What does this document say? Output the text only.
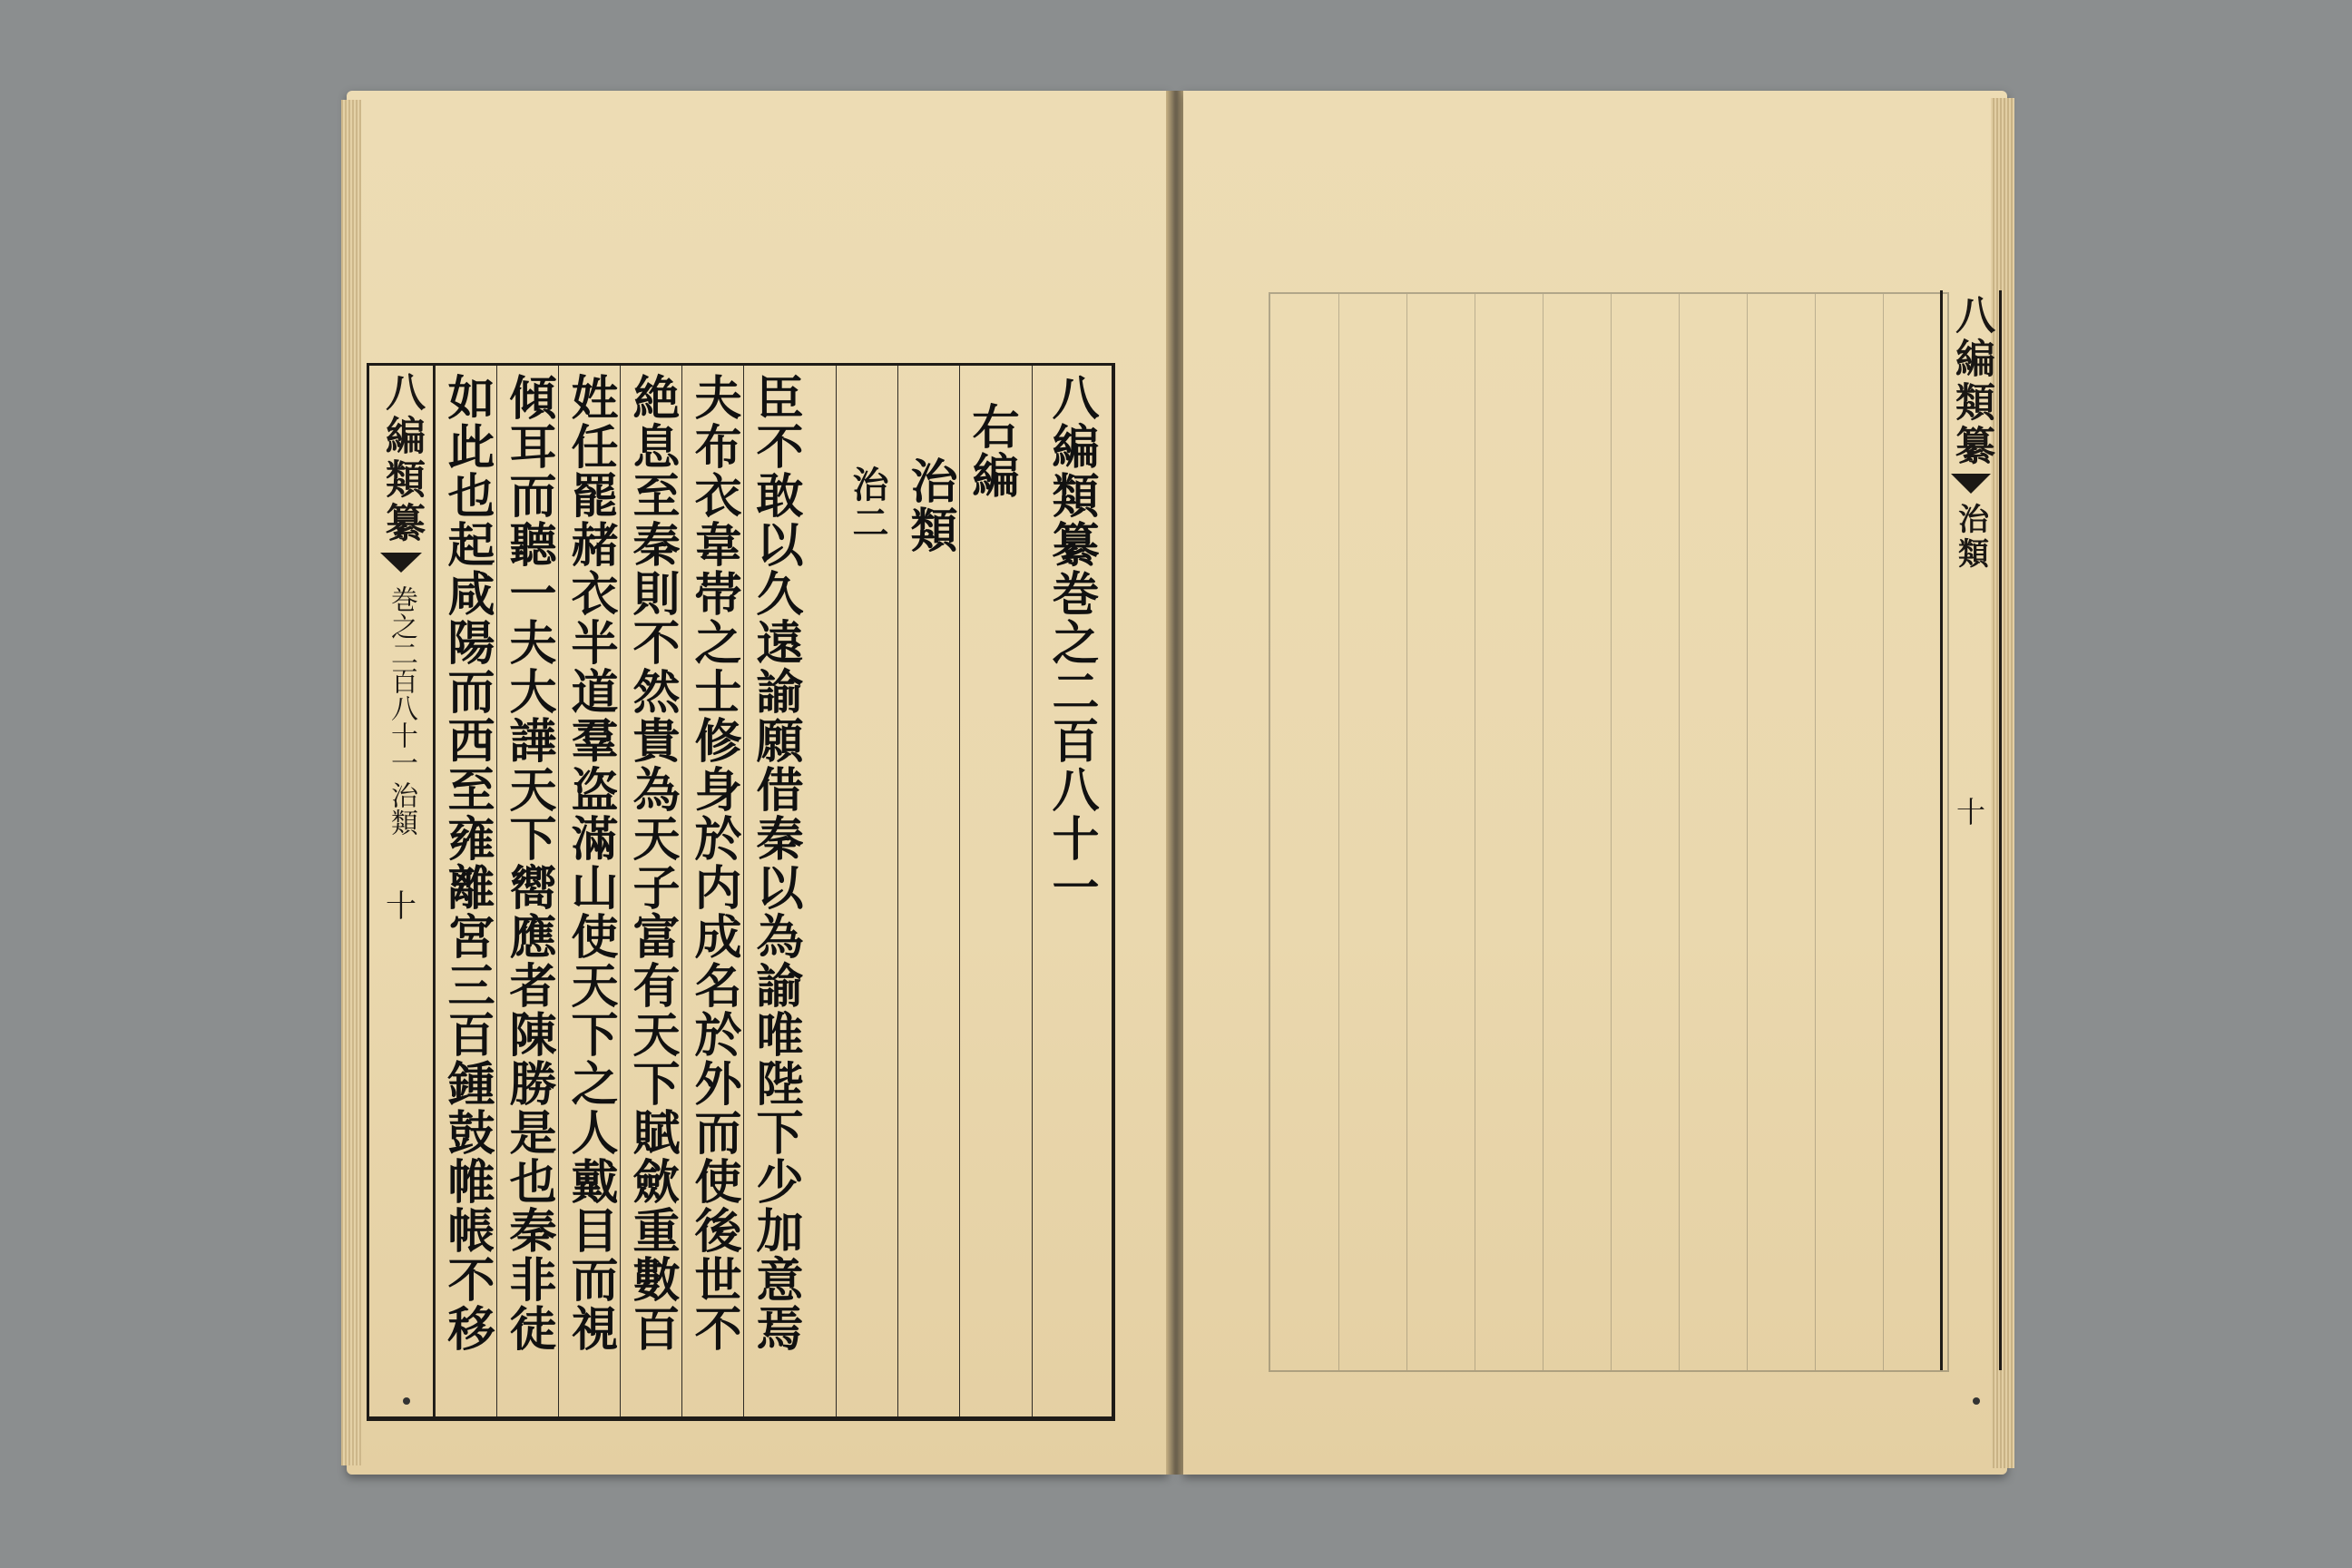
八編類纂
巻之二百八十一
治類
十 如此也起咸陽而西至雍離宮三百鍾鼓帷帳不移 傾耳而聽一夫大譁天下嚮應者陳勝是也秦非徒 姓任罷赭衣半道羣盗滿山使天下之人戴目而視 絶息至秦則不然貴為天子富有天下賦歛重數百 夫布衣韋帯之士修身於内成名於外而使後世不 臣不敢以久遠諭願借秦以為諭唯陛下少加意焉 治二 治類
右編 八編類纂巻之二百八十一	八編類纂
治類
十
